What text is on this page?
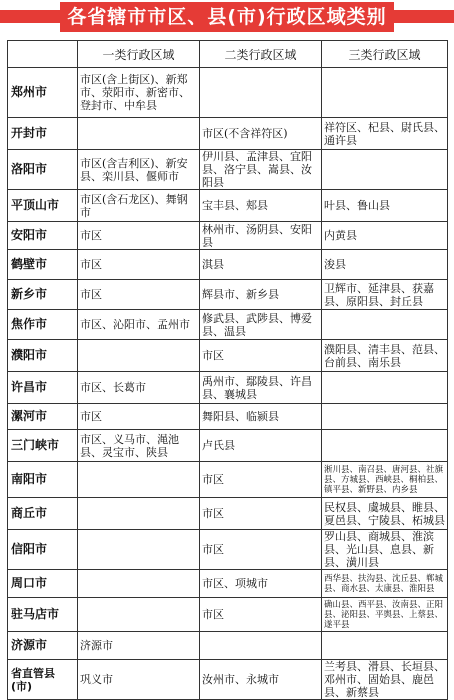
各省辖市市区、县(市)行政区域类别
	一类行政区域	二类行政区域	三类行政区域
郑州市	市区(含上街区)、新郑市、荥阳市、新密市、登封市、中牟县		
开封市		市区(不含祥符区)	祥符区、杞县、尉氏县、通许县
洛阳市	市区(含吉利区)、新安县、栾川县、偃师市	伊川县、孟津县、宜阳县、洛宁县、嵩县、汝阳县	
平顶山市	市区(含石龙区)、舞钢市	宝丰县、郏县	叶县、鲁山县
安阳市	市区	林州市、汤阴县、安阳县	内黄县
鹤壁市	市区	淇县	浚县
新乡市	市区	辉县市、新乡县	卫辉市、延津县、获嘉县、原阳县、封丘县
焦作市	市区、沁阳市、孟州市	修武县、武陟县、博爱县、温县	
濮阳市		市区	濮阳县、清丰县、范县、台前县、南乐县
许昌市	市区、长葛市	禹州市、鄢陵县、许昌县、襄城县	
漯河市	市区	舞阳县、临颍县	
三门峡市	市区、义马市、渑池县、灵宝市、陕县	卢氏县	
南阳市		市区	淅川县、南召县、唐河县、社旗县、方城县、西峡县、桐柏县、镇平县、新野县、内乡县
商丘市		市区	民权县、虞城县、睢县、夏邑县、宁陵县、柘城县
信阳市		市区	罗山县、商城县、淮滨县、光山县、息县、新县、潢川县
周口市		市区、项城市	西华县、扶沟县、沈丘县、郸城县、商水县、太康县、淮阳县
驻马店市		市区	确山县、西平县、汝南县、正阳县、泌阳县、平舆县、上蔡县、遂平县
济源市	济源市		
省直管县(市)	巩义市	汝州市、永城市	兰考县、滑县、长垣县、邓州市、固始县、鹿邑县、新蔡县
